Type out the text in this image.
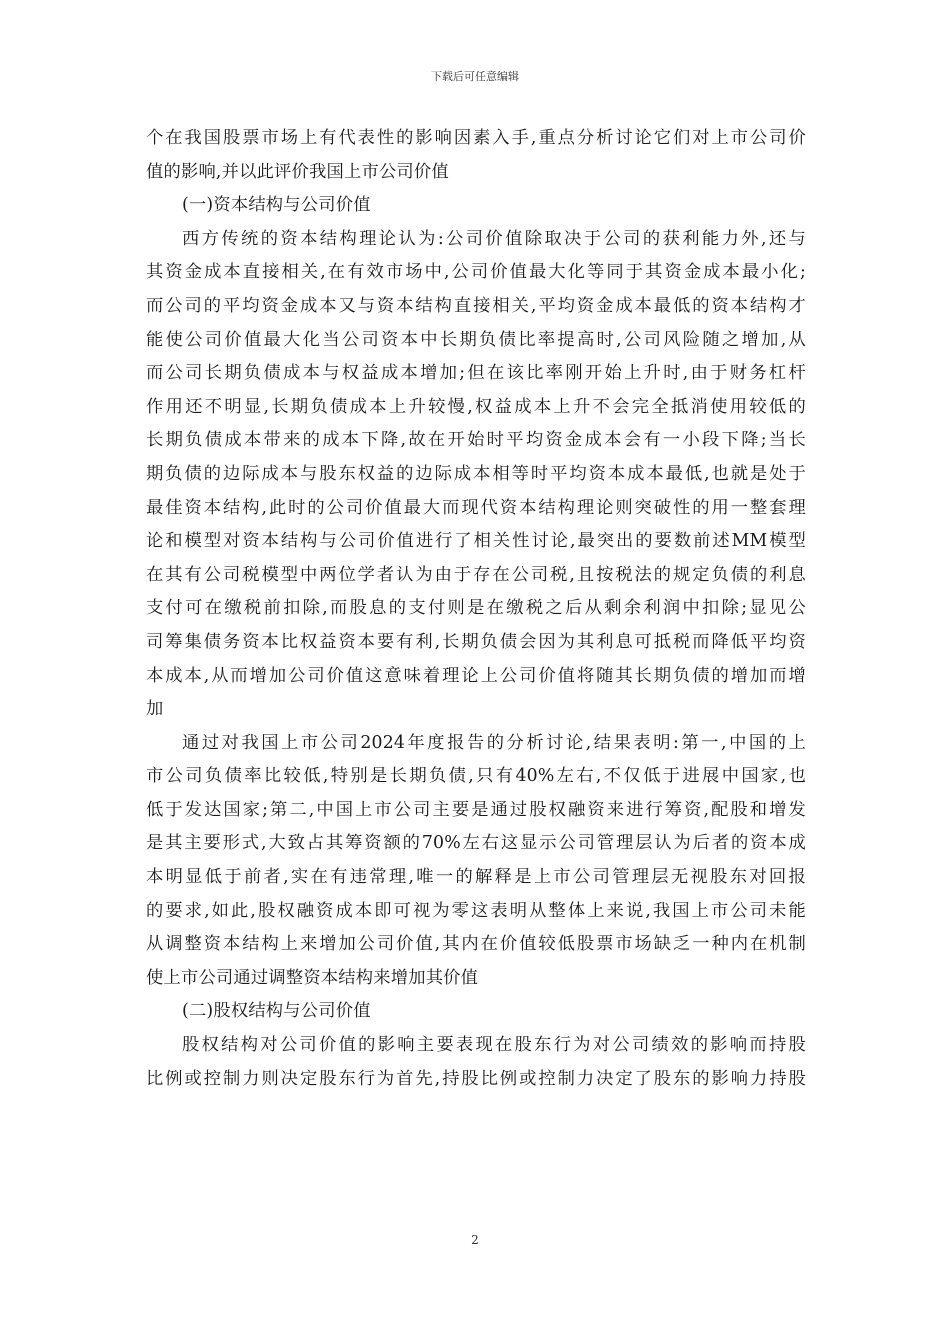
下载后可任意编辑
个在我国股票市场上有代表性的影响因素入手,重点分析讨论它们对上市公司价
值的影响,并以此评价我国上市公司价值
(一)资本结构与公司价值
西方传统的资本结构理论认为:公司价值除取决于公司的获利能力外,还与
其资金成本直接相关,在有效市场中,公司价值最大化等同于其资金成本最小化;
而公司的平均资金成本又与资本结构直接相关,平均资金成本最低的资本结构才
能使公司价值最大化当公司资本中长期负债比率提高时,公司风险随之增加,从
而公司长期负债成本与权益成本增加;但在该比率刚开始上升时,由于财务杠杆
作用还不明显,长期负债成本上升较慢,权益成本上升不会完全抵消使用较低的
长期负债成本带来的成本下降,故在开始时平均资金成本会有一小段下降;当长
期负债的边际成本与股东权益的边际成本相等时平均资本成本最低,也就是处于
最佳资本结构,此时的公司价值最大而现代资本结构理论则突破性的用一整套理
论和模型对资本结构与公司价值进行了相关性讨论,最突出的要数前述MM模型
在其有公司税模型中两位学者认为由于存在公司税,且按税法的规定负债的利息
支付可在缴税前扣除,而股息的支付则是在缴税之后从剩余利润中扣除;显见公
司筹集债务资本比权益资本要有利,长期负债会因为其利息可抵税而降低平均资
本成本,从而增加公司价值这意味着理论上公司价值将随其长期负债的增加而增
加
通过对我国上市公司2024年度报告的分析讨论,结果表明:第一,中国的上
市公司负债率比较低,特别是长期负债,只有40%左右,不仅低于进展中国家,也
低于发达国家;第二,中国上市公司主要是通过股权融资来进行筹资,配股和增发
是其主要形式,大致占其筹资额的70%左右这显示公司管理层认为后者的资本成
本明显低于前者,实在有违常理,唯一的解释是上市公司管理层无视股东对回报
的要求,如此,股权融资成本即可视为零这表明从整体上来说,我国上市公司未能
从调整资本结构上来增加公司价值,其内在价值较低股票市场缺乏一种内在机制
使上市公司通过调整资本结构来增加其价值
(二)股权结构与公司价值
股权结构对公司价值的影响主要表现在股东行为对公司绩效的影响而持股
比例或控制力则决定股东行为首先,持股比例或控制力决定了股东的影响力持股
2
